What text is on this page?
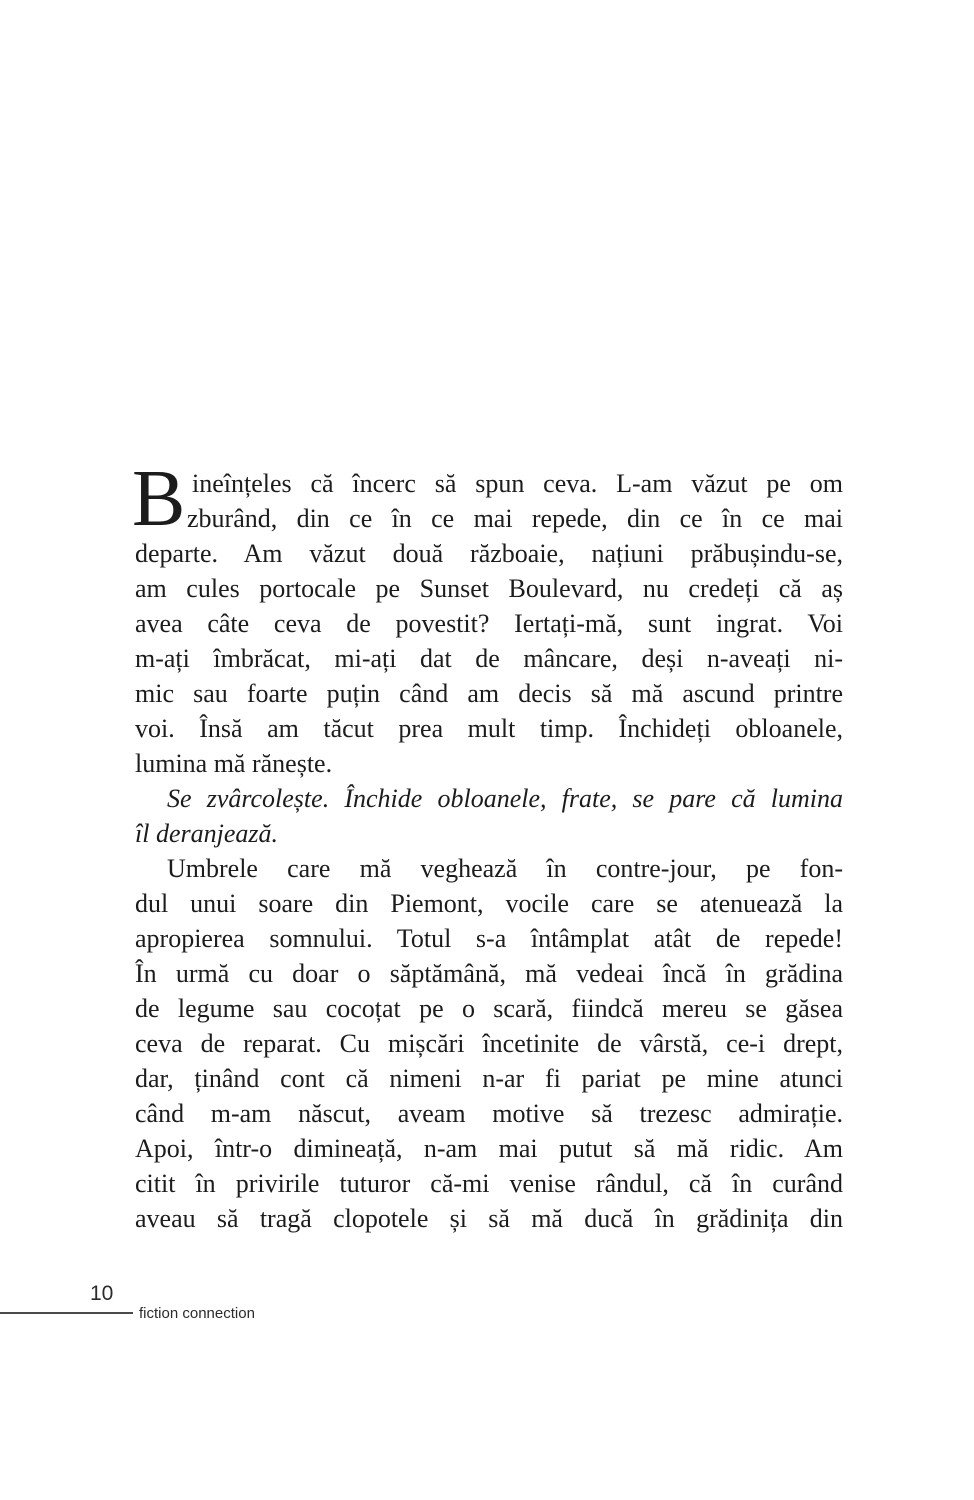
B ineînțeles că încerc să spun ceva. L-am văzut pe om
zburând, din ce în ce mai repede, din ce în ce mai
departe. Am văzut două războaie, națiuni prăbușindu-se,
am cules portocale pe Sunset Boulevard, nu credeți că aș
avea câte ceva de povestit? Iertați-mă, sunt ingrat. Voi
m-ați îmbrăcat, mi-ați dat de mâncare, deși n-aveați ni-
mic sau foarte puțin când am decis să mă ascund printre
voi. Însă am tăcut prea mult timp. Închideți obloanele,
lumina mă rănește.
Se zvârcolește. Închide obloanele, frate, se pare că lumina
îl deranjează.
Umbrele care mă veghează în contre-jour, pe fon-
dul unui soare din Piemont, vocile care se atenuează la
apropierea somnului. Totul s-a întâmplat atât de repede!
În urmă cu doar o săptămână, mă vedeai încă în grădina
de legume sau cocoțat pe o scară, fiindcă mereu se găsea
ceva de reparat. Cu mișcări încetinite de vârstă, ce-i drept,
dar, ținând cont că nimeni n-ar fi pariat pe mine atunci
când m-am născut, aveam motive să trezesc admirație.
Apoi, într-o dimineață, n-am mai putut să mă ridic. Am
citit în privirile tuturor că-mi venise rândul, că în curând
aveau să tragă clopotele și să mă ducă în grădinița din
10
fiction connection
